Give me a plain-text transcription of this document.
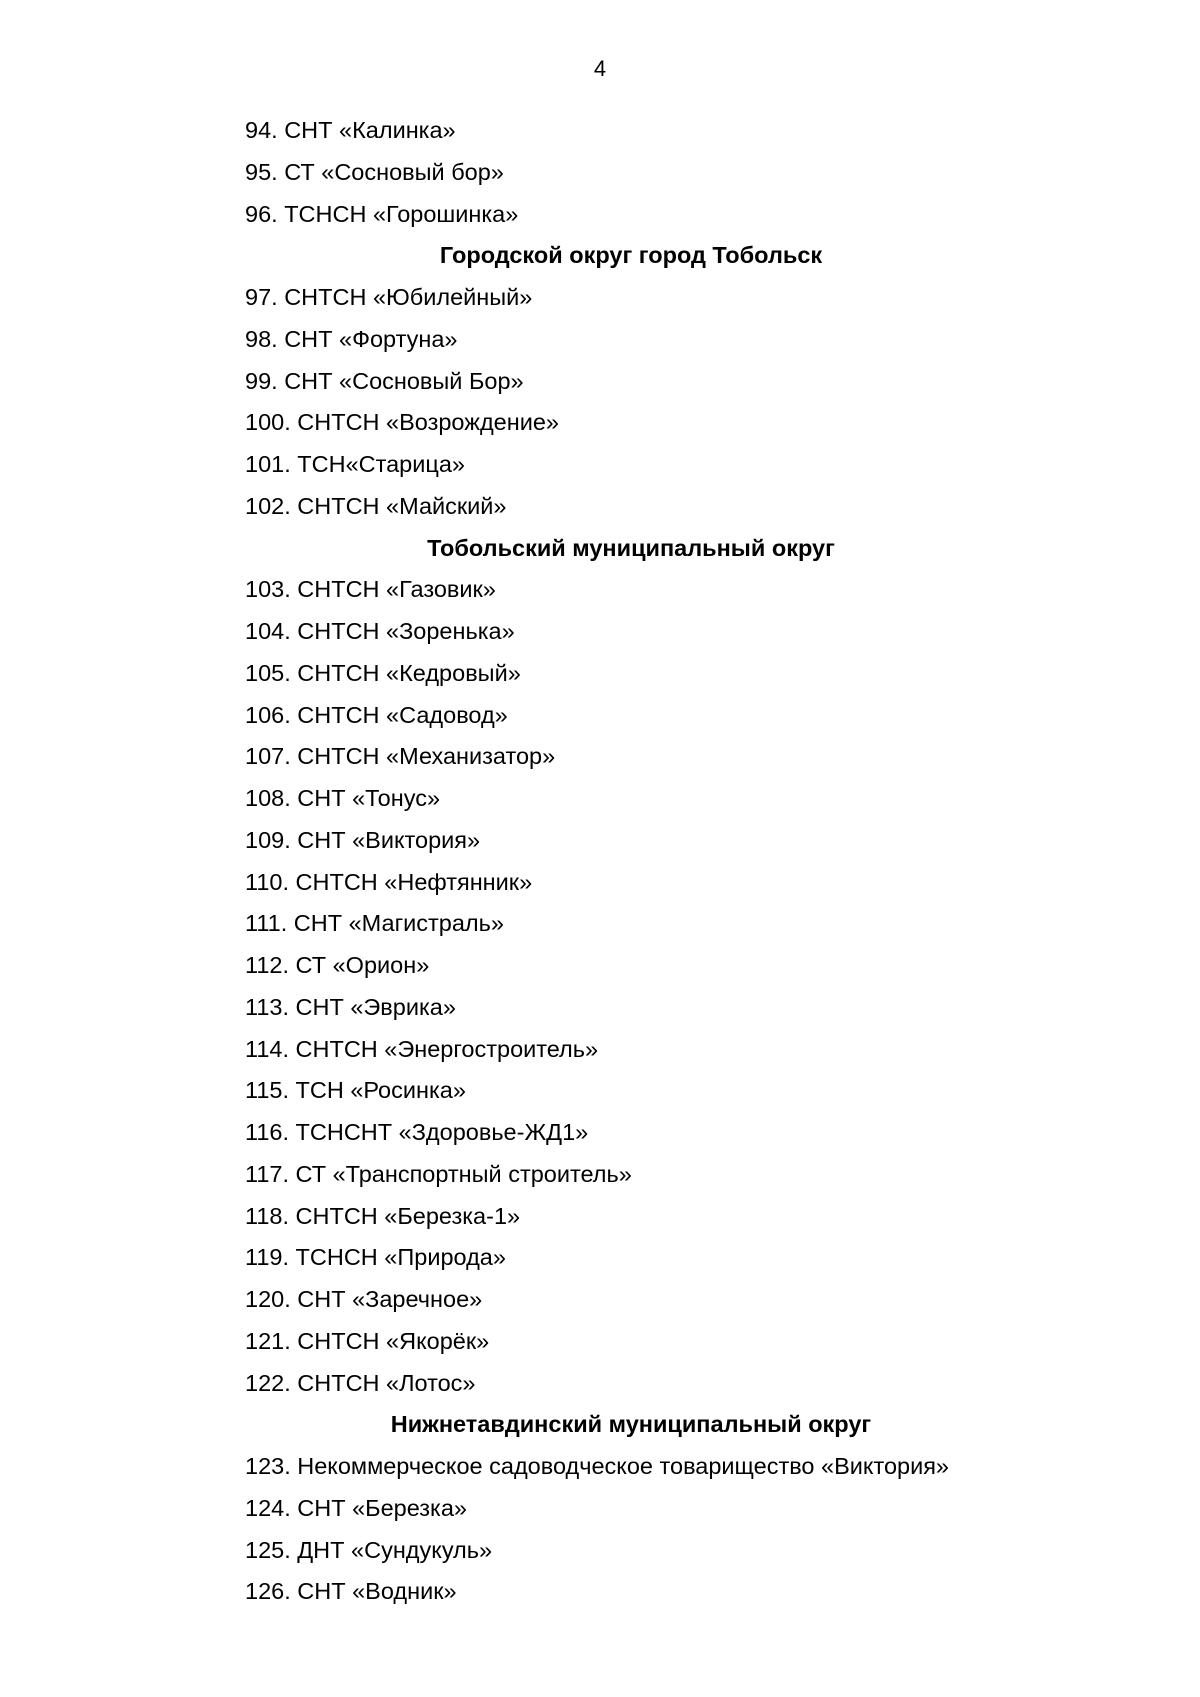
4
94. СНТ «Калинка»
95. СТ «Сосновый бор»
96. ТСНСН «Горошинка»
Городской округ город Тобольск
97. СНТСН «Юбилейный»
98. СНТ «Фортуна»
99. СНТ «Сосновый Бор»
100. СНТСН «Возрождение»
101. ТСН«Старица»
102. СНТСН «Майский»
Тобольский муниципальный округ
103. СНТСН «Газовик»
104. СНТСН «Зоренька»
105. СНТСН «Кедровый»
106. СНТСН «Садовод»
107. СНТСН «Механизатор»
108. СНТ «Тонус»
109. СНТ «Виктория»
110. СНТСН «Нефтянник»
111. СНТ «Магистраль»
112. СТ «Орион»
113. СНТ «Эврика»
114. СНТСН «Энергостроитель»
115. ТСН «Росинка»
116. ТСНСНТ «Здоровье-ЖД1»
117. СТ «Транспортный строитель»
118. СНТСН «Березка-1»
119. ТСНСН «Природа»
120. СНТ «Заречное»
121. СНТСН «Якорёк»
122. СНТСН «Лотос»
Нижнетавдинский муниципальный округ
123. Некоммерческое садоводческое товарищество «Виктория»
124. СНТ «Березка»
125. ДНТ «Сундукуль»
126. СНТ «Водник»
